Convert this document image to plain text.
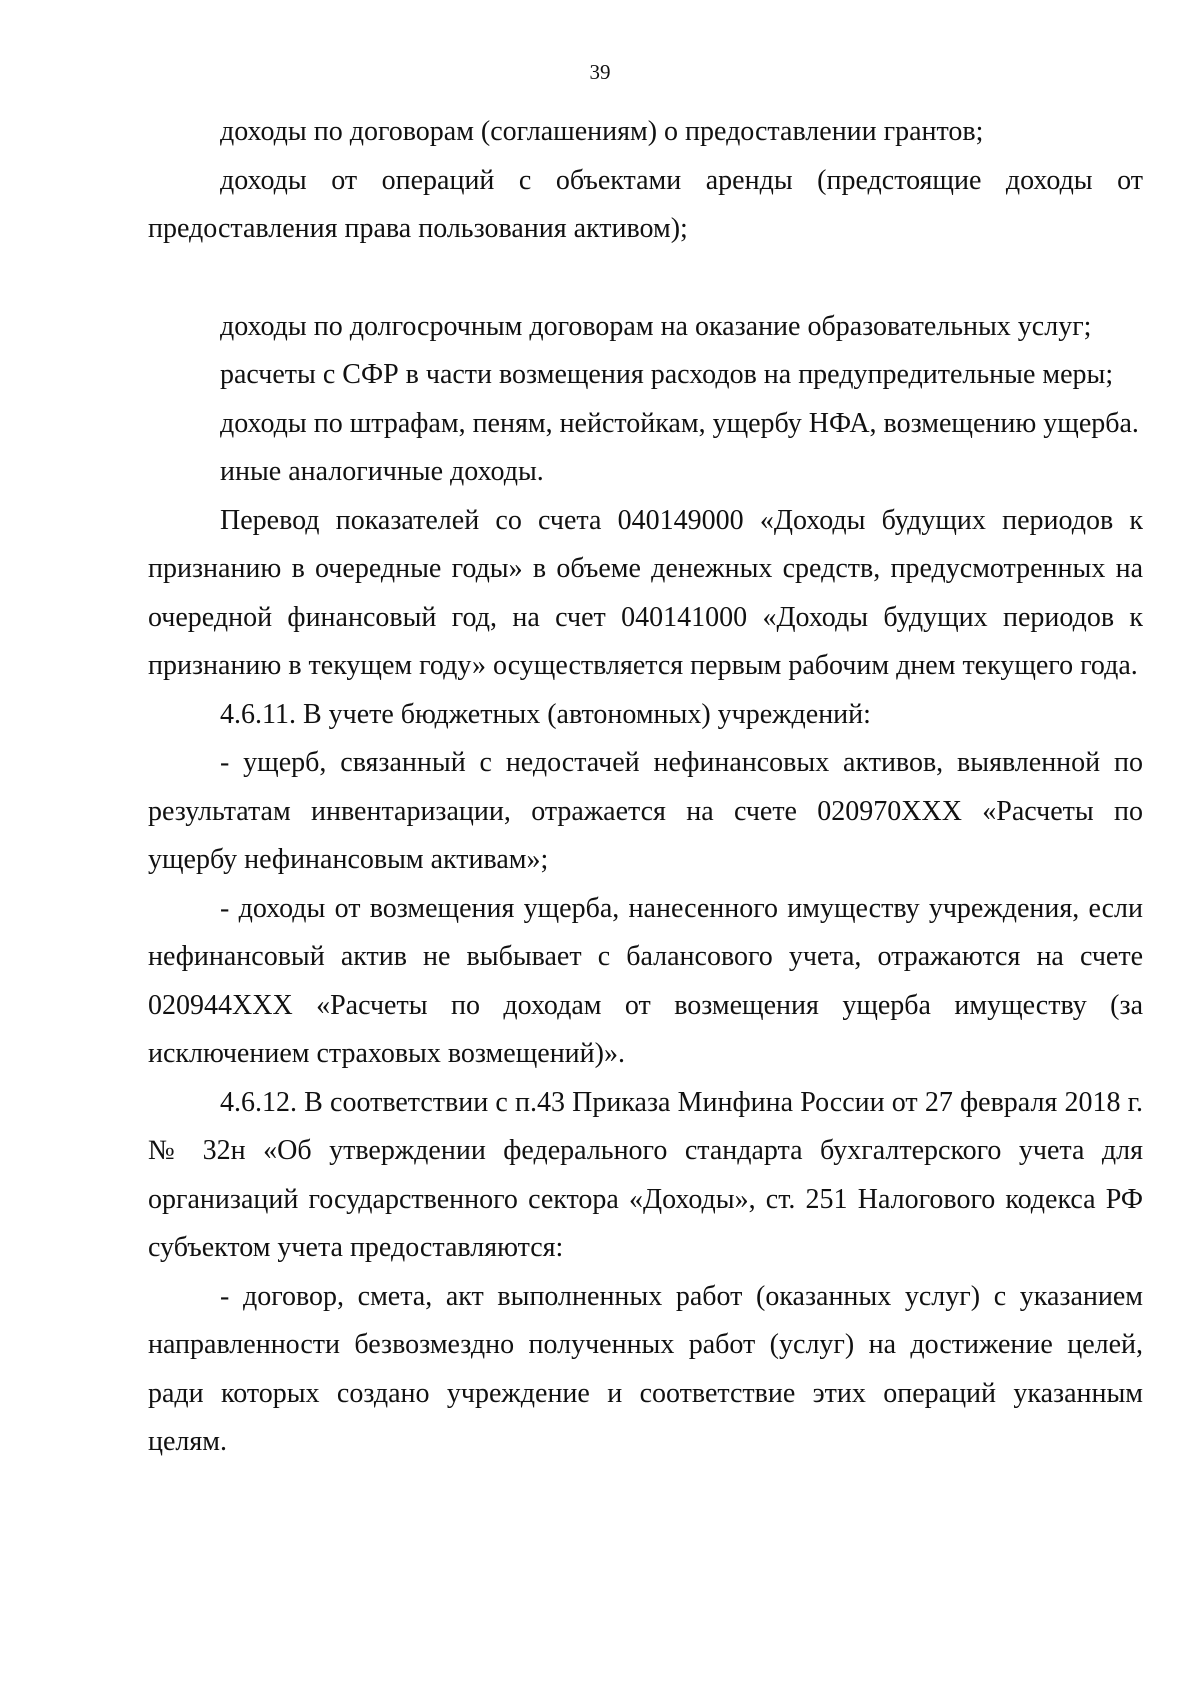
39

доходы по договорам (соглашениям) о предоставлении грантов;

доходы от операций с объектами аренды (предстоящие доходы от предоставления права пользования активом);

доходы по долгосрочным договорам на оказание образовательных услуг;

расчеты с СФР в части возмещения расходов на предупредительные меры;

доходы по штрафам, пеням, нейстойкам, ущербу НФА, возмещению ущерба.

иные аналогичные доходы.

Перевод показателей со счета 040149000 «Доходы будущих периодов к признанию в очередные годы» в объеме денежных средств, предусмотренных на очередной финансовый год, на счет 040141000 «Доходы будущих периодов к признанию в текущем году» осуществляется первым рабочим днем текущего года.

4.6.11. В учете бюджетных (автономных) учреждений:

- ущерб, связанный с недостачей нефинансовых активов, выявленной по результатам инвентаризации, отражается на счете 020970ХХХ «Расчеты по ущербу нефинансовым активам»;

- доходы от возмещения ущерба, нанесенного имуществу учреждения, если нефинансовый актив не выбывает с балансового учета, отражаются на счете 020944ХХХ «Расчеты по доходам от возмещения ущерба имуществу (за исключением страховых возмещений)».

4.6.12. В соответствии с п.43 Приказа Минфина России от 27 февраля 2018 г. № 32н «Об утверждении федерального стандарта бухгалтерского учета для организаций государственного сектора «Доходы», ст. 251 Налогового кодекса РФ субъектом учета предоставляются:

- договор, смета, акт выполненных работ (оказанных услуг) с указанием направленности безвозмездно полученных работ (услуг) на достижение целей, ради которых создано учреждение и соответствие этих операций указанным целям.
